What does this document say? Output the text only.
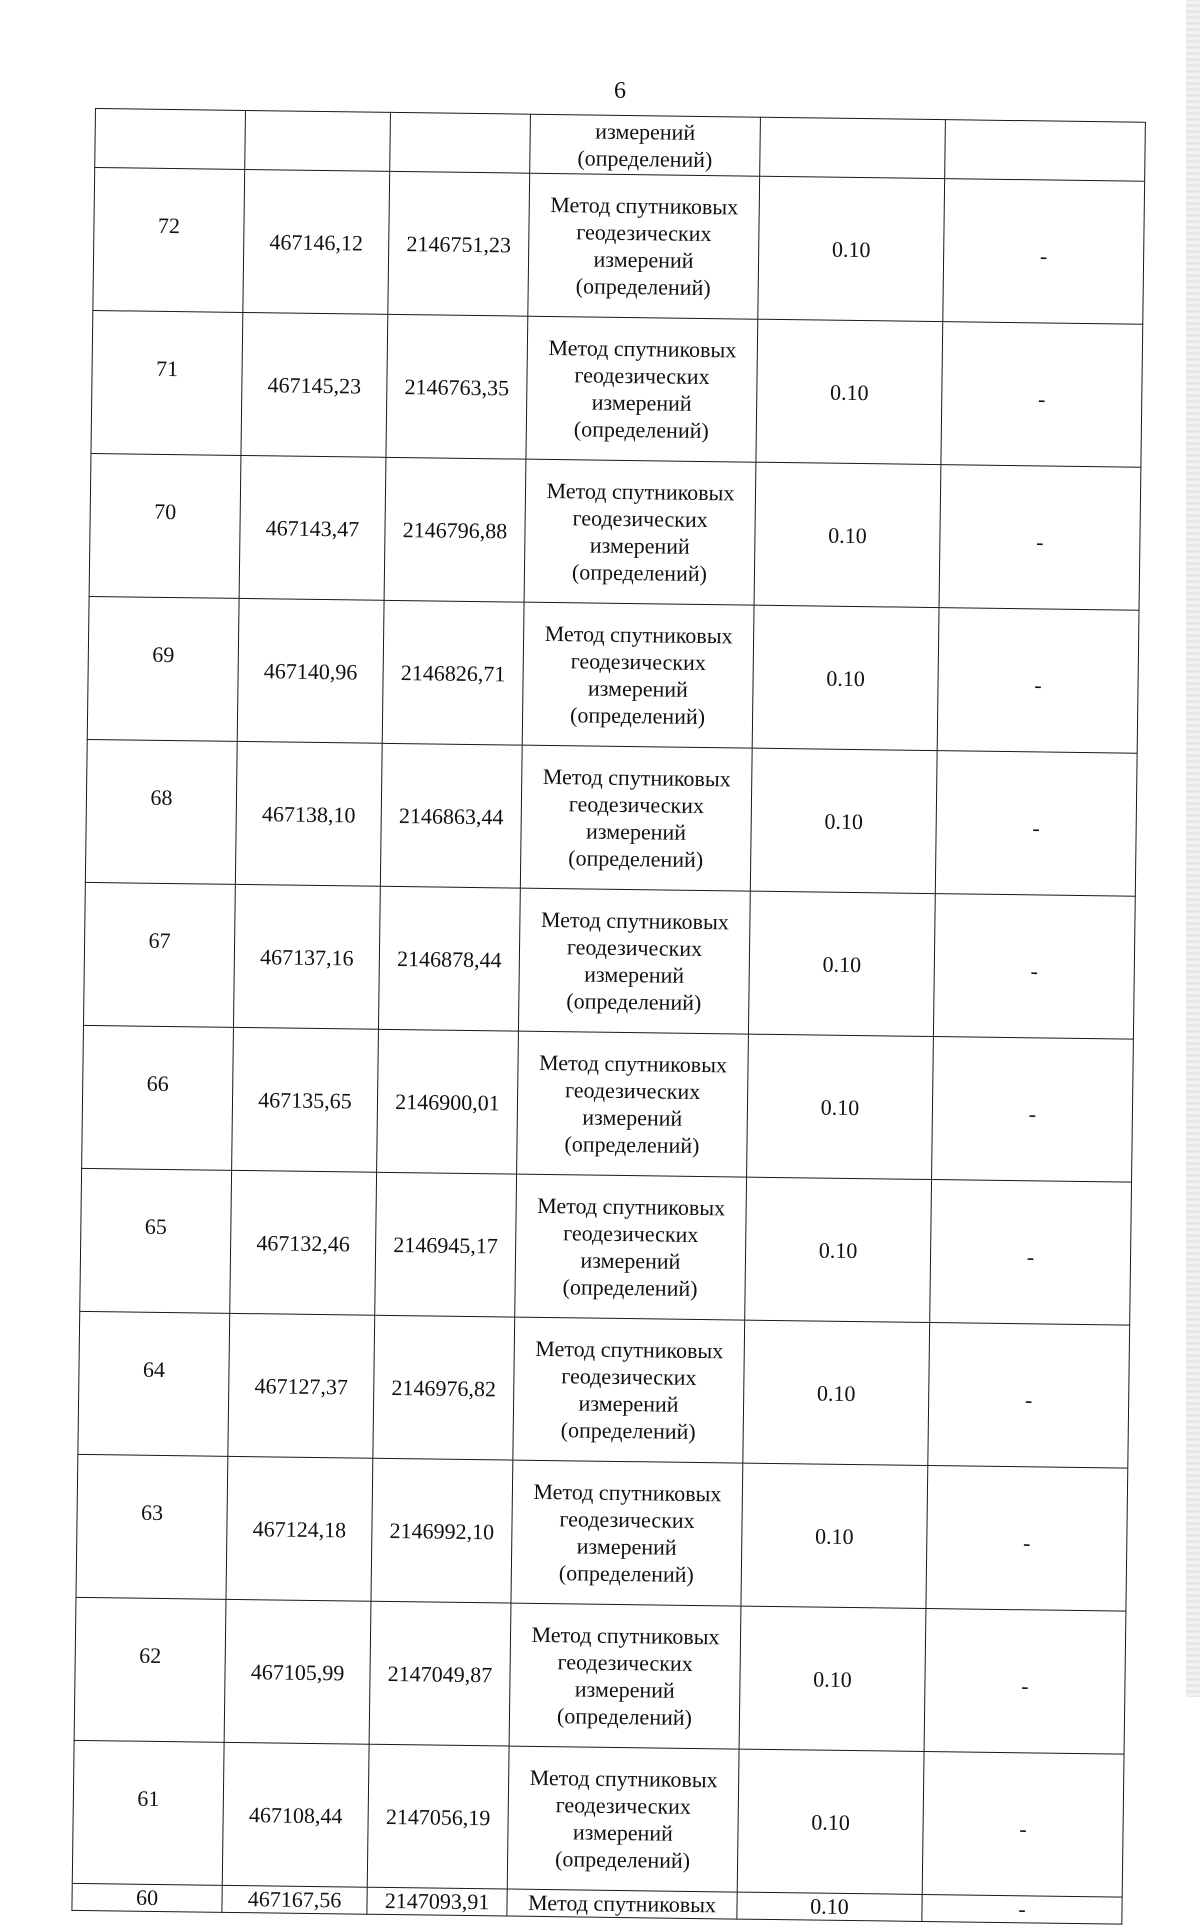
6

			измерений
(определений)		

72	467146,12	2146751,23	Метод спутниковых
геодезических
измерений
(определений)	0.10	-
71	467145,23	2146763,35	Метод спутниковых
геодезических
измерений
(определений)	0.10	-
70	467143,47	2146796,88	Метод спутниковых
геодезических
измерений
(определений)	0.10	-
69	467140,96	2146826,71	Метод спутниковых
геодезических
измерений
(определений)	0.10	-
68	467138,10	2146863,44	Метод спутниковых
геодезических
измерений
(определений)	0.10	-
67	467137,16	2146878,44	Метод спутниковых
геодезических
измерений
(определений)	0.10	-
66	467135,65	2146900,01	Метод спутниковых
геодезических
измерений
(определений)	0.10	-
65	467132,46	2146945,17	Метод спутниковых
геодезических
измерений
(определений)	0.10	-
64	467127,37	2146976,82	Метод спутниковых
геодезических
измерений
(определений)	0.10	-
63	467124,18	2146992,10	Метод спутниковых
геодезических
измерений
(определений)	0.10	-
62	467105,99	2147049,87	Метод спутниковых
геодезических
измерений
(определений)	0.10	-
61	467108,44	2147056,19	Метод спутниковых
геодезических
измерений
(определений)	0.10	-
60	467167,56	2147093,91	Метод спутниковых	0.10	-
